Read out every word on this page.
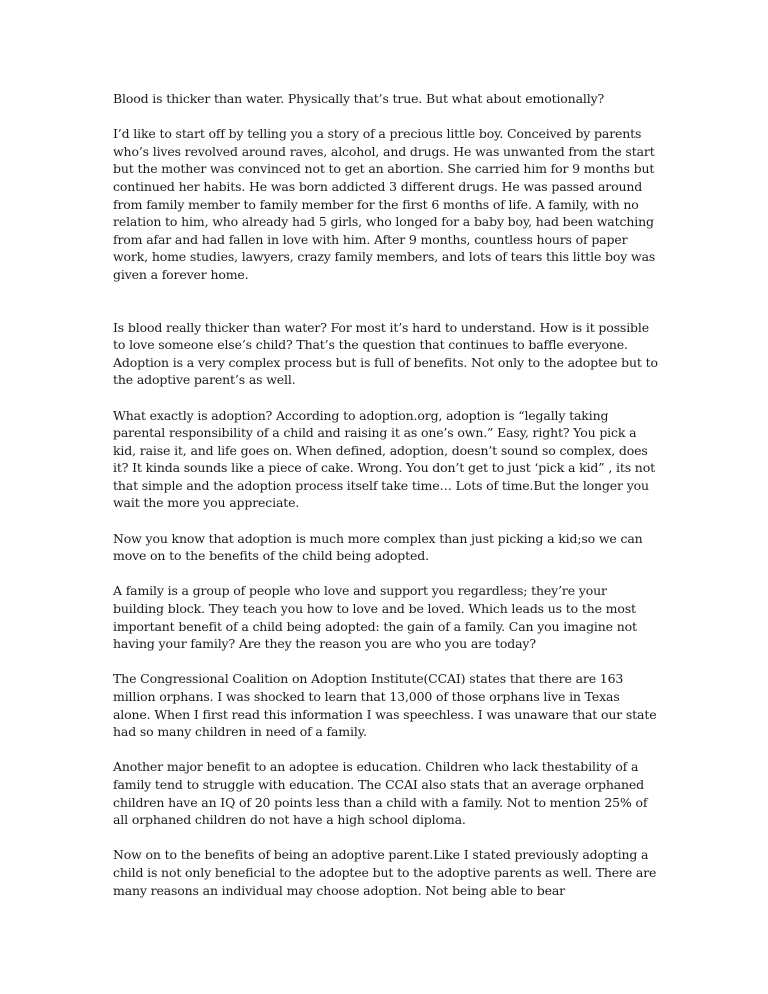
Blood is thicker than water. Physically that’s true. But what about emotionally?

I’d like to start off by telling you a story of a precious little boy. Conceived by parents who’s lives revolved around raves, alcohol, and drugs. He was unwanted from the start but the mother was convinced not to get an abortion. She carried him for 9 months but continued her habits. He was born addicted 3 different drugs. He was passed around from family member to family member for the first 6 months of life. A family, with no relation to him, who already had 5 girls, who longed for a baby boy, had been watching from afar and had fallen in love with him. After 9 months, countless hours of paper work, home studies, lawyers, crazy family members, and lots of tears this little boy was given a forever home.

Is blood really thicker than water? For most it’s hard to understand. How is it possible to love someone else’s child? That’s the question that continues to baffle everyone. Adoption is a very complex process but is full of benefits. Not only to the adoptee but to the adoptive parent’s as well.

What exactly is adoption? According to adoption.org, adoption is “legally taking parental responsibility of a child and raising it as one’s own.” Easy, right? You pick a kid, raise it, and life goes on. When defined, adoption, doesn’t sound so complex, does it? It kinda sounds like a piece of cake. Wrong. You don’t get to just ‘pick a kid” , its not that simple and the adoption process itself take time… Lots of time.But the longer you wait the more you appreciate.

Now you know that adoption is much more complex than just picking a kid;so we can move on to the benefits of the child being adopted.

A family is a group of people who love and support you regardless; they’re your building block. They teach you how to love and be loved. Which leads us to the most important benefit of a child being adopted: the gain of a family. Can you imagine not having your family? Are they the reason you are who you are today?

The Congressional Coalition on Adoption Institute(CCAI) states that there are 163 million orphans. I was shocked to learn that 13,000 of those orphans live in Texas alone. When I first read this information I was speechless. I was unaware that our state had so many children in need of a family.

Another major benefit to an adoptee is education. Children who lack thestability of a family tend to struggle with education. The CCAI also stats that an average orphaned children have an IQ of 20 points less than a child with a family. Not to mention 25% of all orphaned children do not have a high school diploma.

Now on to the benefits of being an adoptive parent.Like I stated previously adopting a child is not only beneficial to the adoptee but to the adoptive parents as well. There are many reasons an individual may choose adoption. Not being able to bear
